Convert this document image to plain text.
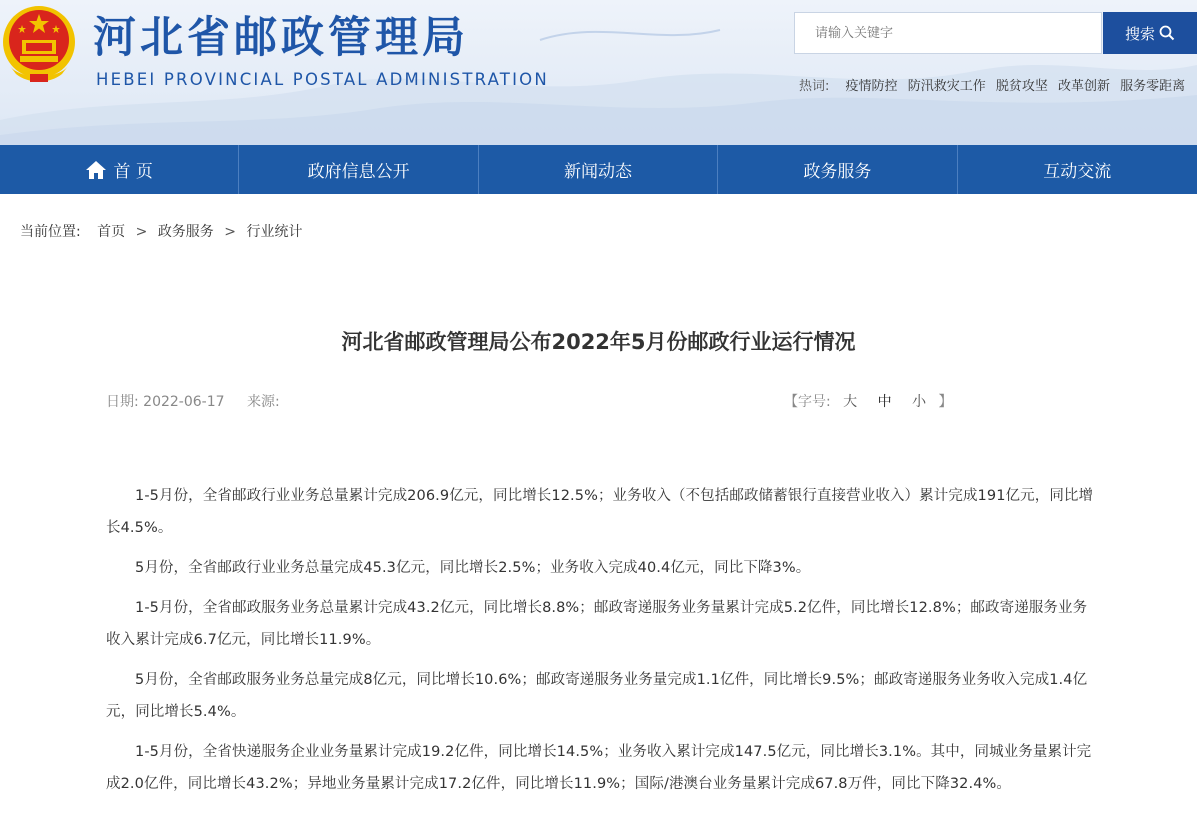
河北省邮政管理局
HEBEI PROVINCIAL POSTAL ADMINISTRATION
请输入关键字
搜索
热词: 疫情防控 防汛救灾工作 脱贫攻坚 改革创新 服务零距离
首 页	政府信息公开	新闻动态	政务服务	互动交流
当前位置: 首页 > 政务服务 > 行业统计
河北省邮政管理局公布2022年5月份邮政行业运行情况
日期: 2022-06-17 来源:	【字号: 大 中 小 】

1-5月份，全省邮政行业业务总量累计完成206.9亿元，同比增长12.5%；业务收入（不包括邮政储蓄银行直接营业收入）累计完成191亿元，同比增长4.5%。

5月份，全省邮政行业业务总量完成45.3亿元，同比增长2.5%；业务收入完成40.4亿元，同比下降3%。

1-5月份，全省邮政服务业务总量累计完成43.2亿元，同比增长8.8%；邮政寄递服务业务量累计完成5.2亿件，同比增长12.8%；邮政寄递服务业务收入累计完成6.7亿元，同比增长11.9%。

5月份，全省邮政服务业务总量完成8亿元，同比增长10.6%；邮政寄递服务业务量完成1.1亿件，同比增长9.5%；邮政寄递服务业务收入完成1.4亿元，同比增长5.4%。

1-5月份，全省快递服务企业业务量累计完成19.2亿件，同比增长14.5%；业务收入累计完成147.5亿元，同比增长3.1%。其中，同城业务量累计完成2.0亿件，同比增长43.2%；异地业务量累计完成17.2亿件，同比增长11.9%；国际/港澳台业务量累计完成67.8万件，同比下降32.4%。
